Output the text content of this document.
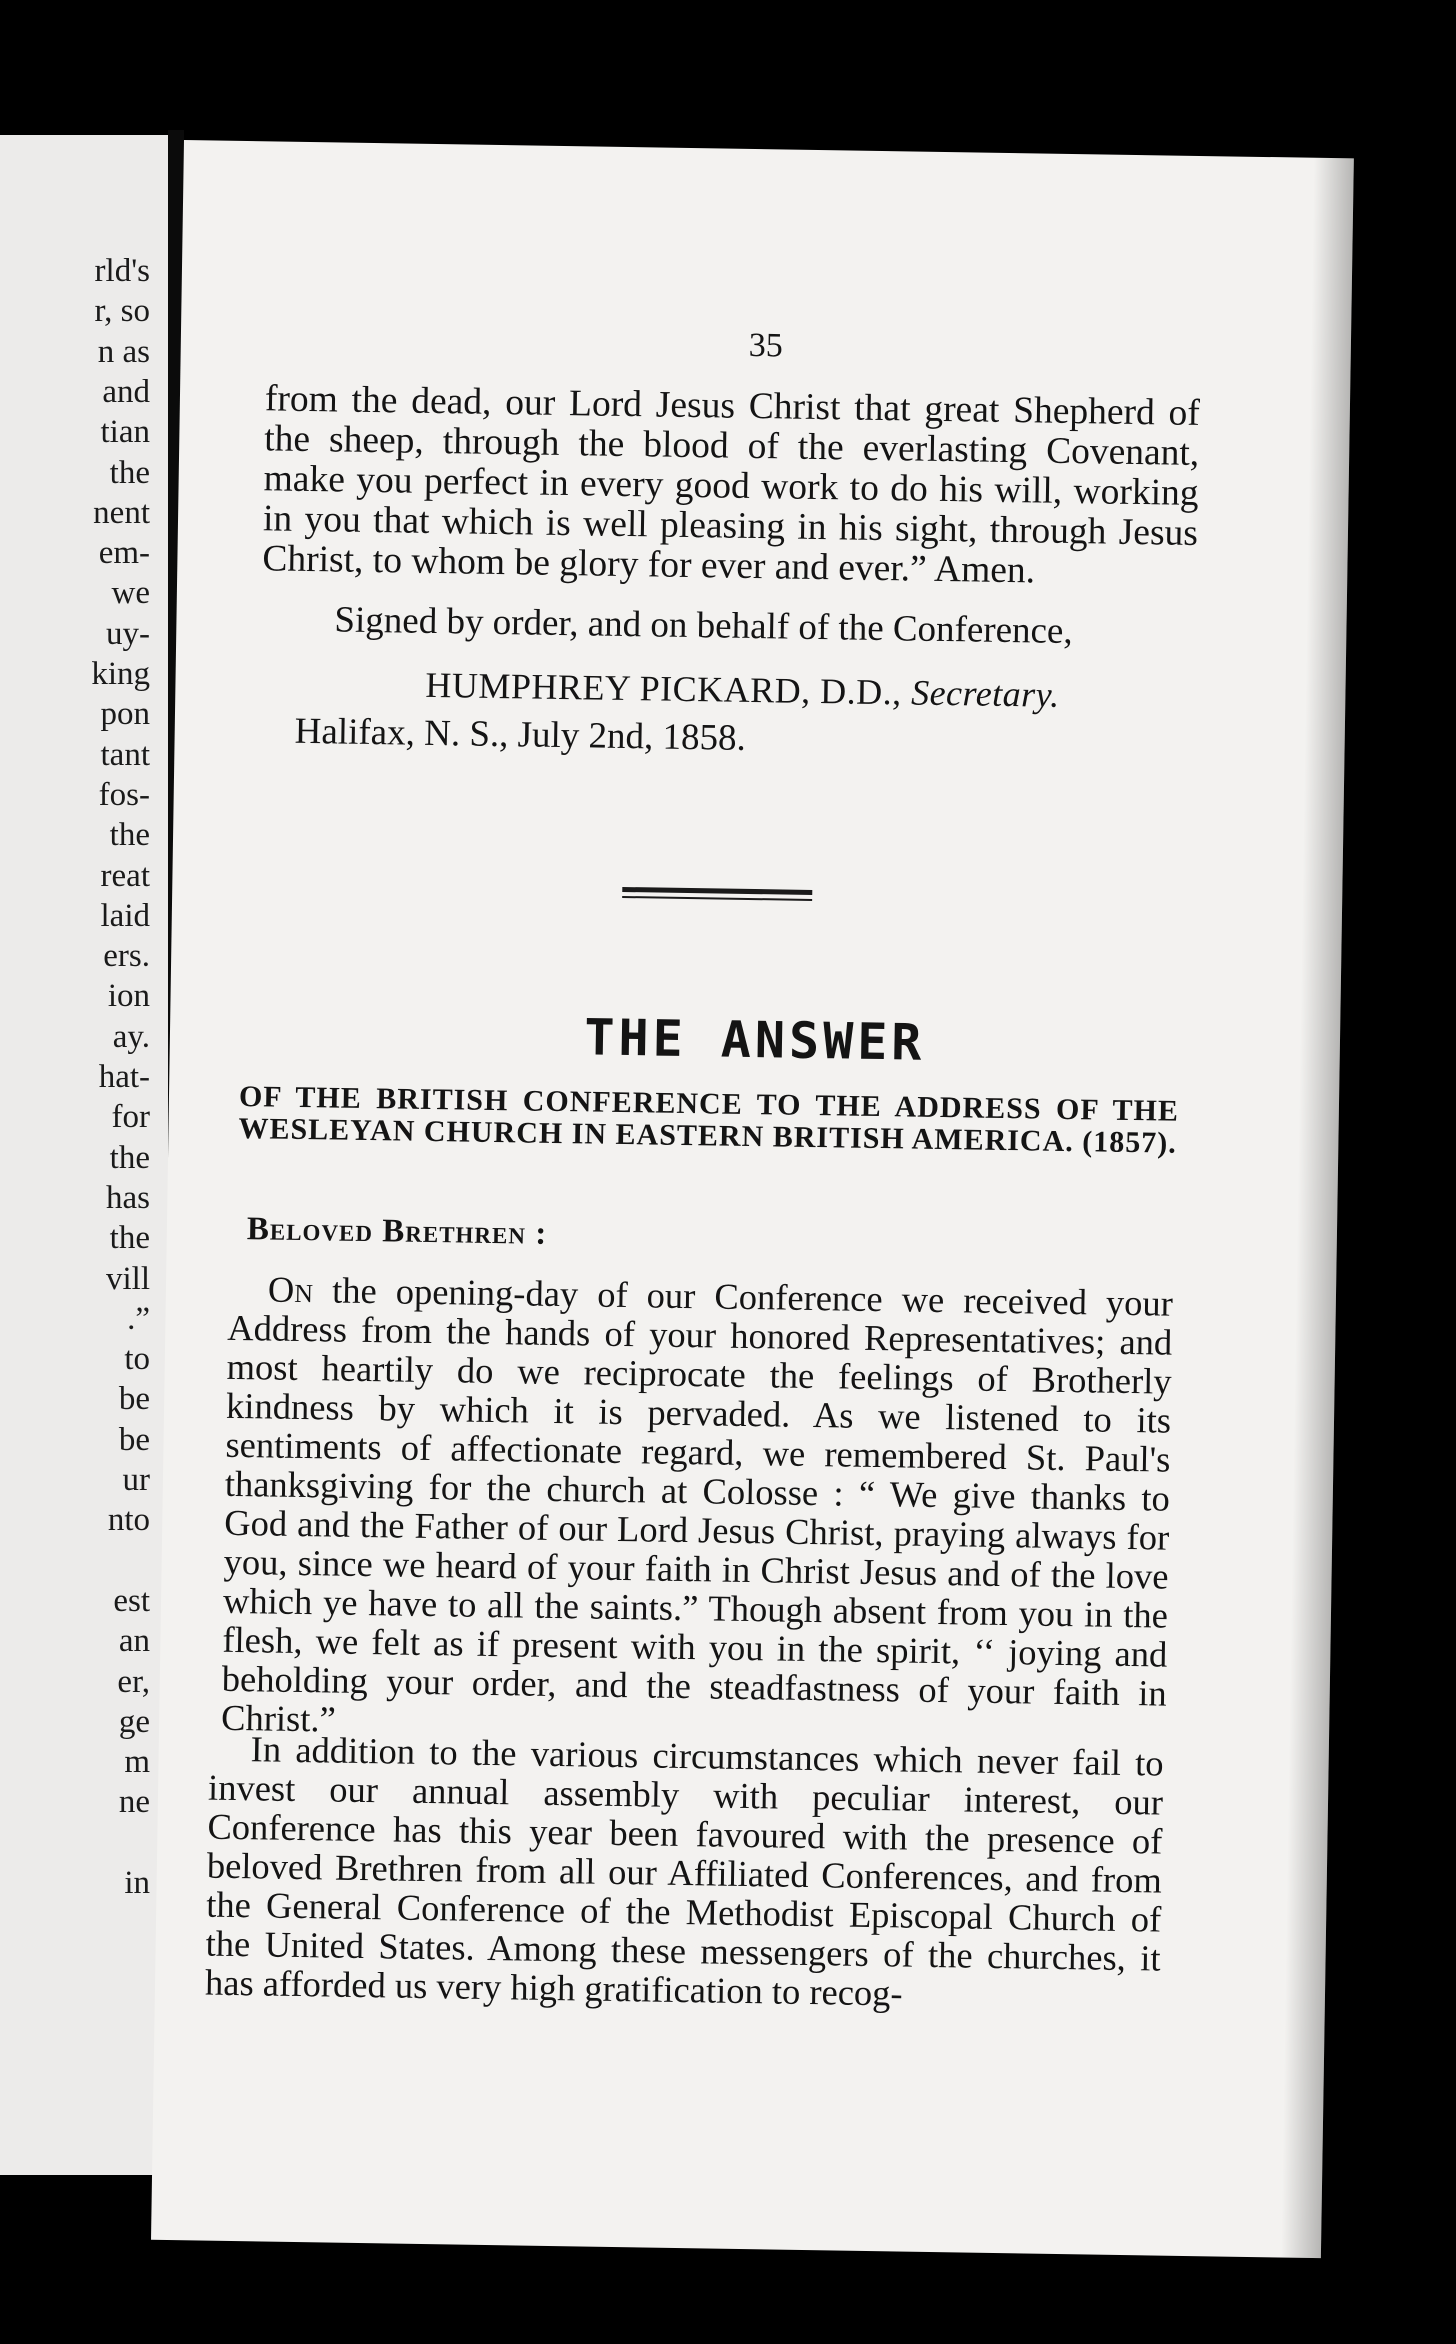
rld's
r, so
n as
and
tian
the
nent
em-
we
uy-
king
pon
tant
fos-
the
reat
laid
ers.
ion
ay.
hat-
for
the
has
the
vill
.”
to
be
be
ur
nto
est
an
er,
ge
m
ne
in
35
from the dead, our Lord Jesus Christ that great Shepherd of the sheep, through the blood of the everlasting Covenant, make you perfect in every good work to do his will, working in you that which is well pleasing in his sight, through Jesus Christ, to whom be glory for ever and ever.” Amen.
Signed by order, and on behalf of the Conference,
HUMPHREY PICKARD, D.D., Secretary.
Halifax, N. S., July 2nd, 1858.
THE ANSWER
OF THE BRITISH CONFERENCE TO THE ADDRESS OF THE WESLEYAN CHURCH IN EASTERN BRITISH AMERICA. (1857).
Beloved Brethren :
On the opening-day of our Conference we received your Address from the hands of your honored Representatives; and most heartily do we reciprocate the feelings of Brotherly kindness by which it is pervaded. As we listened to its sentiments of affectionate regard, we remembered St. Paul's thanksgiving for the church at Colosse : “ We give thanks to God and the Father of our Lord Jesus Christ, praying always for you, since we heard of your faith in Christ Jesus and of the love which ye have to all the saints.” Though absent from you in the flesh, we felt as if present with you in the spirit, ‘‘ joying and beholding your order, and the steadfastness of your faith in Christ.”
In addition to the various circumstances which never fail to invest our annual assembly with peculiar interest, our Conference has this year been favoured with the presence of beloved Brethren from all our Affiliated Conferences, and from the General Conference of the Methodist Episcopal Church of the United States. Among these messengers of the churches, it has afforded us very high gratification to recog-
